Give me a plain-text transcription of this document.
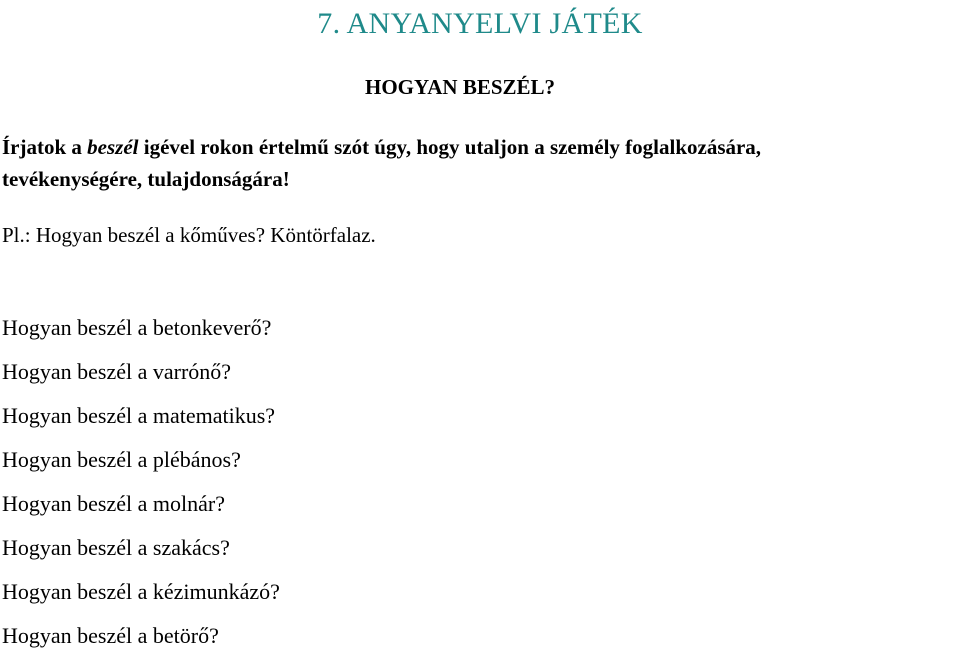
7. ANYANYELVI JÁTÉK
HOGYAN BESZÉL?
Írjatok a beszél igével rokon értelmű szót úgy, hogy utaljon a személy foglalkozására,
tevékenységére, tulajdonságára!
Pl.: Hogyan beszél a kőműves? Köntörfalaz.
Hogyan beszél a betonkeverő?
Hogyan beszél a varrónő?
Hogyan beszél a matematikus?
Hogyan beszél a plébános?
Hogyan beszél a molnár?
Hogyan beszél a szakács?
Hogyan beszél a kézimunkázó?
Hogyan beszél a betörő?
